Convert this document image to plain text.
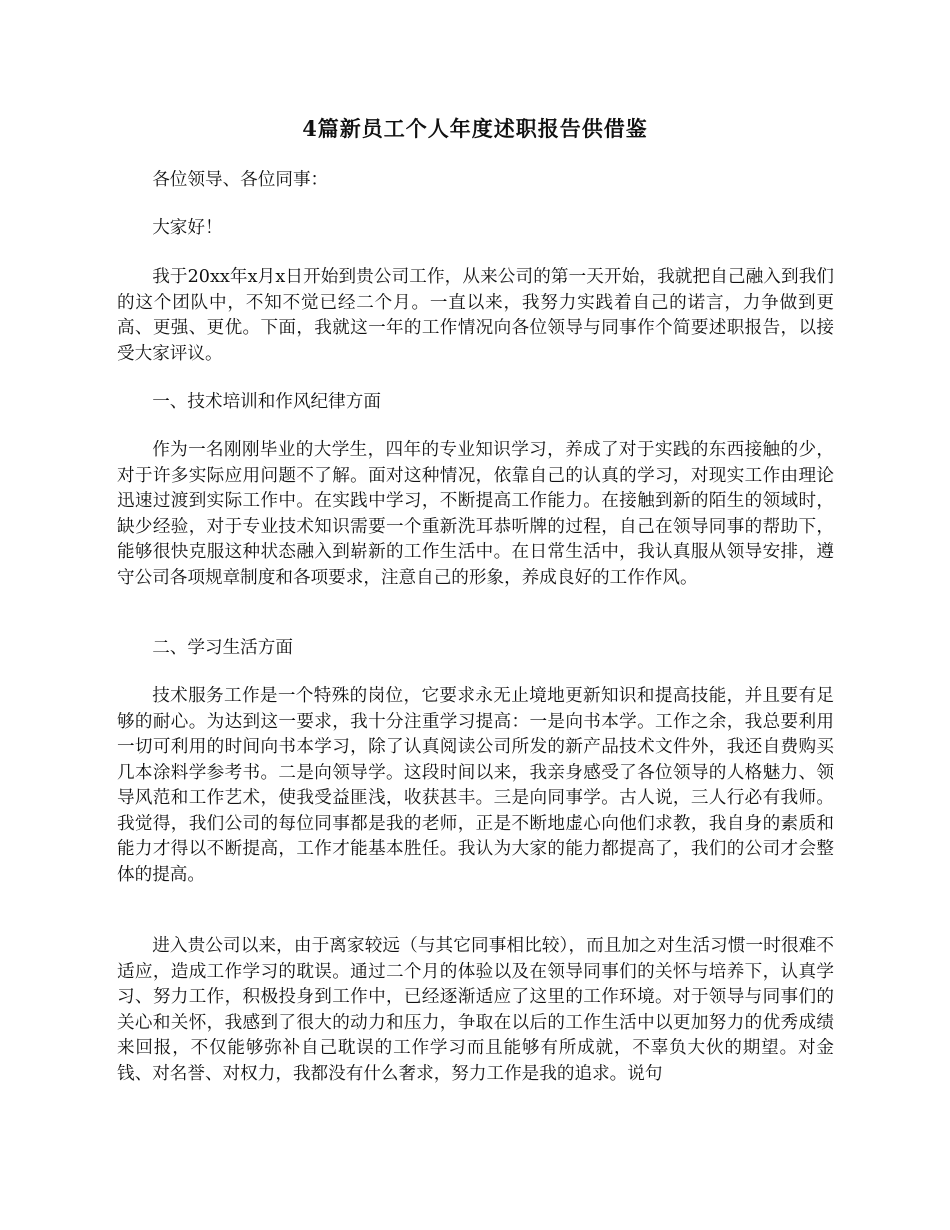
4篇新员工个人年度述职报告供借鉴

各位领导、各位同事：

大家好！

我于20xx年x月x日开始到贵公司工作，从来公司的第一天开始，我就把自己融入到我们的这个团队中，不知不觉已经二个月。一直以来，我努力实践着自己的诺言，力争做到更高、更强、更优。下面，我就这一年的工作情况向各位领导与同事作个简要述职报告，以接受大家评议。

一、技术培训和作风纪律方面

作为一名刚刚毕业的大学生，四年的专业知识学习，养成了对于实践的东西接触的少，对于许多实际应用问题不了解。面对这种情况，依靠自己的认真的学习，对现实工作由理论迅速过渡到实际工作中。在实践中学习，不断提高工作能力。在接触到新的陌生的领域时，缺少经验，对于专业技术知识需要一个重新洗耳恭听牌的过程，自己在领导同事的帮助下，能够很快克服这种状态融入到崭新的工作生活中。在日常生活中，我认真服从领导安排，遵守公司各项规章制度和各项要求，注意自己的形象，养成良好的工作作风。

二、学习生活方面

技术服务工作是一个特殊的岗位，它要求永无止境地更新知识和提高技能，并且要有足够的耐心。为达到这一要求，我十分注重学习提高：一是向书本学。工作之余，我总要利用一切可利用的时间向书本学习，除了认真阅读公司所发的新产品技术文件外，我还自费购买几本涂料学参考书。二是向领导学。这段时间以来，我亲身感受了各位领导的人格魅力、领导风范和工作艺术，使我受益匪浅，收获甚丰。三是向同事学。古人说，三人行必有我师。我觉得，我们公司的每位同事都是我的老师，正是不断地虚心向他们求教，我自身的素质和能力才得以不断提高，工作才能基本胜任。我认为大家的能力都提高了，我们的公司才会整体的提高。

进入贵公司以来，由于离家较远（与其它同事相比较），而且加之对生活习惯一时很难不适应，造成工作学习的耽误。通过二个月的体验以及在领导同事们的关怀与培养下，认真学习、努力工作，积极投身到工作中，已经逐渐适应了这里的工作环境。对于领导与同事们的关心和关怀，我感到了很大的动力和压力，争取在以后的工作生活中以更加努力的优秀成绩来回报，不仅能够弥补自己耽误的工作学习而且能够有所成就，不辜负大伙的期望。对金钱、对名誉、对权力，我都没有什么奢求，努力工作是我的追求。说句
